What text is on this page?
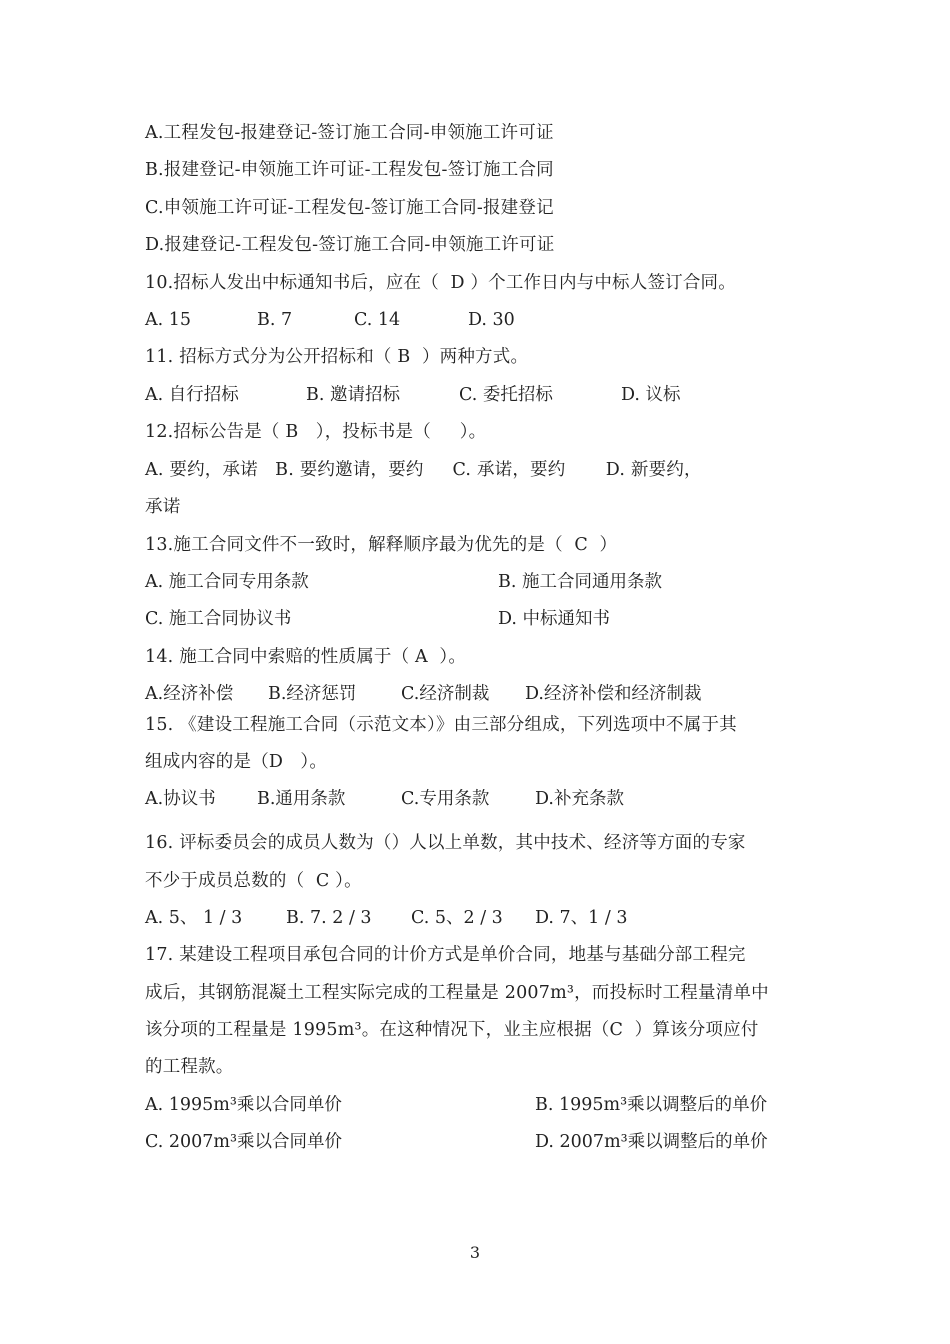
A.工程发包-报建登记-签订施工合同-申领施工许可证
B.报建登记-申领施工许可证-工程发包-签订施工合同
C.申领施工许可证-工程发包-签订施工合同-报建登记
D.报建登记-工程发包-签订施工合同-申领施工许可证
10.招标人发出中标通知书后，应在（  D ）个工作日内与中标人签订合同。
A. 15	B. 7	C. 14	D. 30
11. 招标方式分为公开招标和（ B  ）两种方式。
A. 自行招标	B. 邀请招标	C. 委托招标	D. 议标
12.招标公告是（ B   ），投标书是（     ）。
A. 要约，承诺   B. 要约邀请，要约     C. 承诺，要约       D. 新要约，
承诺
13.施工合同文件不一致时，解释顺序最为优先的是（  C  ）
A. 施工合同专用条款	B. 施工合同通用条款
C. 施工合同协议书	D. 中标通知书
14. 施工合同中索赔的性质属于（ A  ）。
A.经济补偿 B.经济惩罚	C.经济制裁 D.经济补偿和经济制裁
15. 《建设工程施工合同（示范文本）》由三部分组成，下列选项中不属于其
组成内容的是（D   ）。
A.协议书 B.通用条款	C.专用条款	D.补充条款
16. 评标委员会的成员人数为（）人以上单数，其中技术、经济等方面的专家
不少于成员总数的（  C ）。
A. 5、 1 / 3	B. 7. 2 / 3 C. 5、2 / 3 D. 7、1 / 3
17. 某建设工程项目承包合同的计价方式是单价合同，地基与基础分部工程完
成后，其钢筋混凝土工程实际完成的工程量是 2007m³，而投标时工程量清单中
该分项的工程量是 1995m³。在这种情况下，业主应根据（C  ）算该分项应付
的工程款。
A. 1995m³乘以合同单价	B. 1995m³乘以调整后的单价
C. 2007m³乘以合同单价	D. 2007m³乘以调整后的单价
3
